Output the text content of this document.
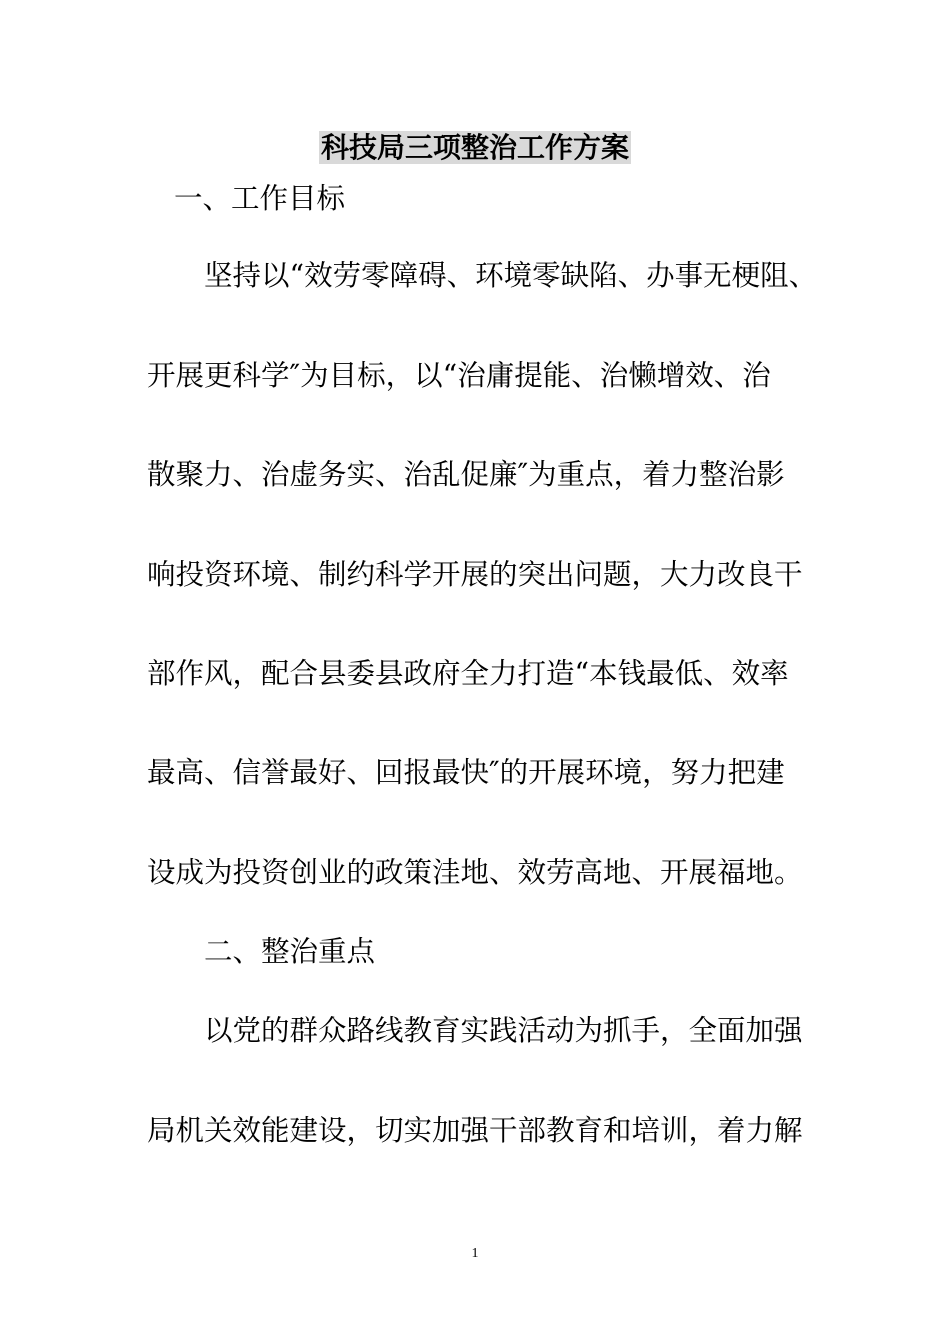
科技局三项整治工作方案
一、工作目标
坚持以“效劳零障碍、环境零缺陷、办事无梗阻、
开展更科学″为目标，以“治庸提能、治懒增效、治
散聚力、治虚务实、治乱促廉″为重点，着力整治影
响投资环境、制约科学开展的突出问题，大力改良干
部作风，配合县委县政府全力打造“本钱最低、效率
最高、信誉最好、回报最快″的开展环境，努力把建
设成为投资创业的政策洼地、效劳高地、开展福地。
二、整治重点
以党的群众路线教育实践活动为抓手，全面加强
局机关效能建设，切实加强干部教育和培训，着力解
1
